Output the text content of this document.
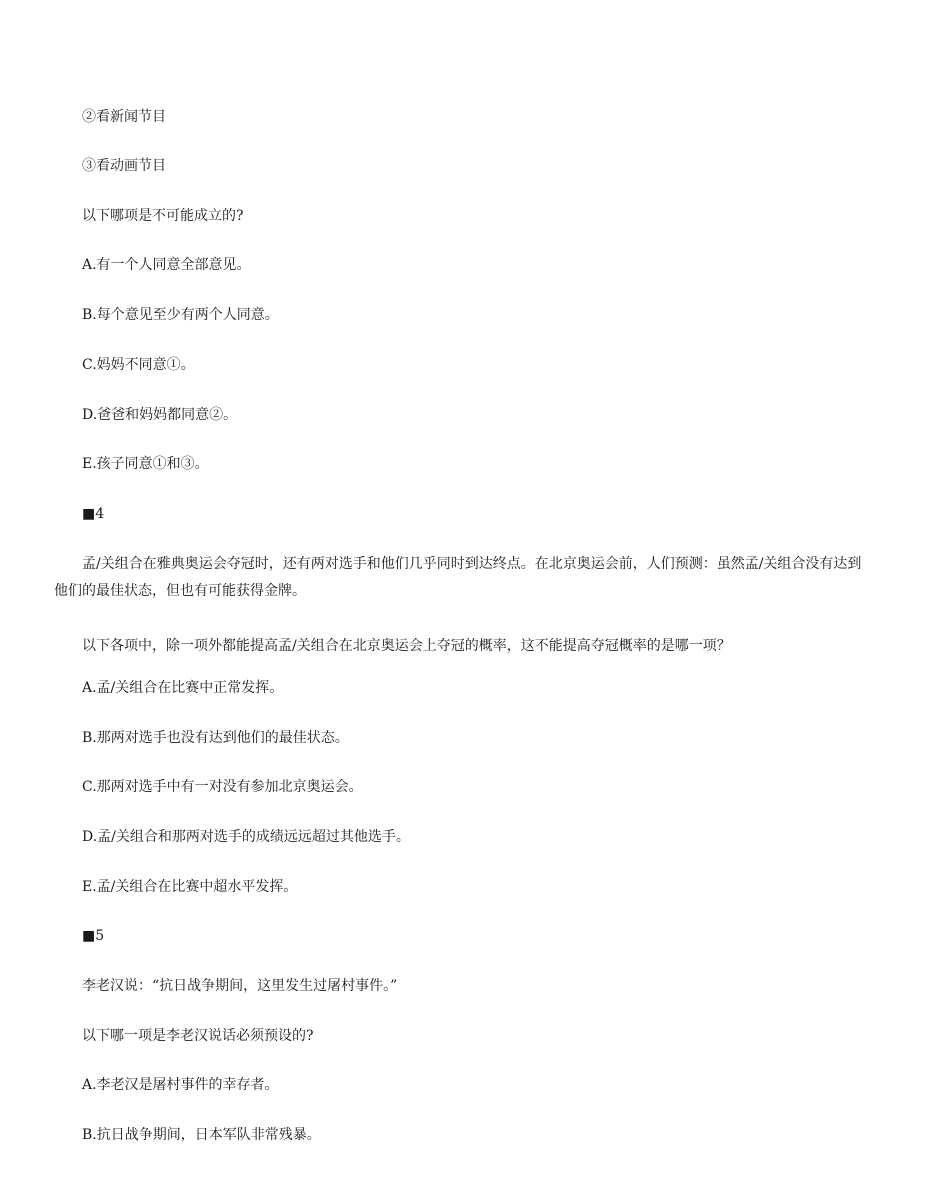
②看新闻节目

③看动画节目

以下哪项是不可能成立的?

A.有一个人同意全部意见。

B.每个意见至少有两个人同意。

C.妈妈不同意①。

D.爸爸和妈妈都同意②。

E.孩子同意①和③。

■4

孟/关组合在雅典奥运会夺冠时，还有两对选手和他们几乎同时到达终点。在北京奥运会前，人们预测：虽然孟/关组合没有达到他们的最佳状态，但也有可能获得金牌。

以下各项中，除一项外都能提高孟/关组合在北京奥运会上夺冠的概率，这不能提高夺冠概率的是哪一项？

A.孟/关组合在比赛中正常发挥。

B.那两对选手也没有达到他们的最佳状态。

C.那两对选手中有一对没有参加北京奥运会。

D.孟/关组合和那两对选手的成绩远远超过其他选手。

E.孟/关组合在比赛中超水平发挥。

■5

李老汉说：“抗日战争期间，这里发生过屠村事件。”

以下哪一项是李老汉说话必须预设的?

A.李老汉是屠村事件的幸存者。

B.抗日战争期间，日本军队非常残暴。
